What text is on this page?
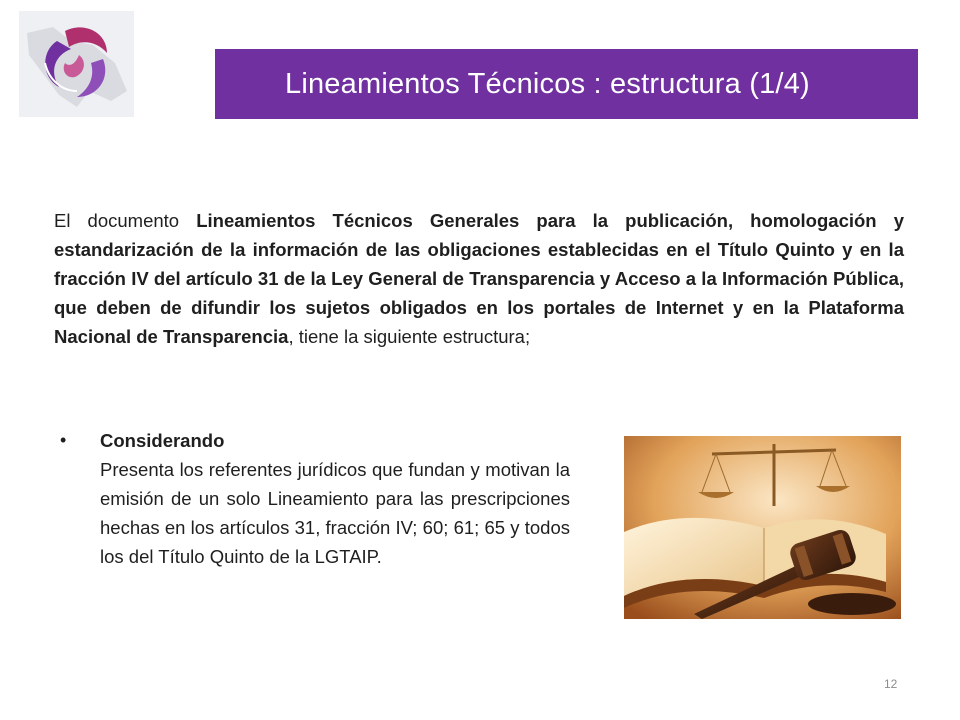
Lineamientos Técnicos : estructura (1/4)

El documento Lineamientos Técnicos Generales para la publicación, homologación y estandarización de la información de las obligaciones establecidas en el Título Quinto y en la fracción IV del artículo 31 de la Ley General de Transparencia y Acceso a la Información Pública, que deben de difundir los sujetos obligados en los portales de Internet y en la Plataforma Nacional de Transparencia, tiene la siguiente estructura;

• Considerando

Presenta los referentes jurídicos que fundan y motivan la emisión de un solo Lineamiento para las prescripciones hechas en los artículos 31, fracción IV; 60; 61; 65 y todos los del Título Quinto de la LGTAIP.

12
